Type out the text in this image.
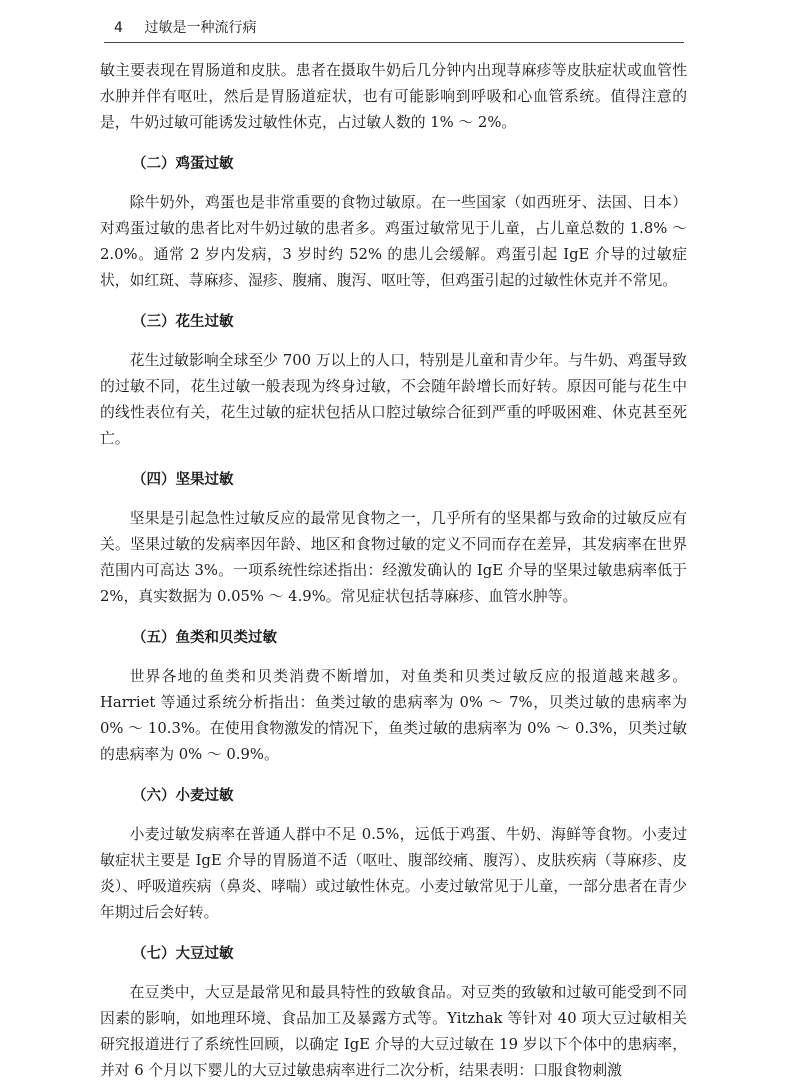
4 过敏是一种流行病

敏主要表现在胃肠道和皮肤。患者在摄取牛奶后几分钟内出现荨麻疹等皮肤症状或血管性水肿并伴有呕吐，然后是胃肠道症状，也有可能影响到呼吸和心血管系统。值得注意的是，牛奶过敏可能诱发过敏性休克，占过敏人数的 1% ～ 2%。

（二）鸡蛋过敏

除牛奶外，鸡蛋也是非常重要的食物过敏原。在一些国家（如西班牙、法国、日本）对鸡蛋过敏的患者比对牛奶过敏的患者多。鸡蛋过敏常见于儿童，占儿童总数的 1.8% ～ 2.0%。通常 2 岁内发病，3 岁时约 52% 的患儿会缓解。鸡蛋引起 IgE 介导的过敏症状，如红斑、荨麻疹、湿疹、腹痛、腹泻、呕吐等，但鸡蛋引起的过敏性休克并不常见。

（三）花生过敏

花生过敏影响全球至少 700 万以上的人口，特别是儿童和青少年。与牛奶、鸡蛋导致的过敏不同，花生过敏一般表现为终身过敏，不会随年龄增长而好转。原因可能与花生中的线性表位有关，花生过敏的症状包括从口腔过敏综合征到严重的呼吸困难、休克甚至死亡。

（四）坚果过敏

坚果是引起急性过敏反应的最常见食物之一，几乎所有的坚果都与致命的过敏反应有关。坚果过敏的发病率因年龄、地区和食物过敏的定义不同而存在差异，其发病率在世界范围内可高达 3%。一项系统性综述指出：经激发确认的 IgE 介导的坚果过敏患病率低于 2%，真实数据为 0.05% ～ 4.9%。常见症状包括荨麻疹、血管水肿等。

（五）鱼类和贝类过敏

世界各地的鱼类和贝类消费不断增加，对鱼类和贝类过敏反应的报道越来越多。Harriet 等通过系统分析指出：鱼类过敏的患病率为 0% ～ 7%，贝类过敏的患病率为 0% ～ 10.3%。在使用食物激发的情况下，鱼类过敏的患病率为 0% ～ 0.3%，贝类过敏的患病率为 0% ～ 0.9%。

（六）小麦过敏

小麦过敏发病率在普通人群中不足 0.5%，远低于鸡蛋、牛奶、海鲜等食物。小麦过敏症状主要是 IgE 介导的胃肠道不适（呕吐、腹部绞痛、腹泻）、皮肤疾病（荨麻疹、皮炎）、呼吸道疾病（鼻炎、哮喘）或过敏性休克。小麦过敏常见于儿童，一部分患者在青少年期过后会好转。

（七）大豆过敏

在豆类中，大豆是最常见和最具特性的致敏食品。对豆类的致敏和过敏可能受到不同因素的影响，如地理环境、食品加工及暴露方式等。Yitzhak 等针对 40 项大豆过敏相关研究报道进行了系统性回顾，以确定 IgE 介导的大豆过敏在 19 岁以下个体中的患病率，并对 6 个月以下婴儿的大豆过敏患病率进行二次分析，结果表明：口服食物刺激
